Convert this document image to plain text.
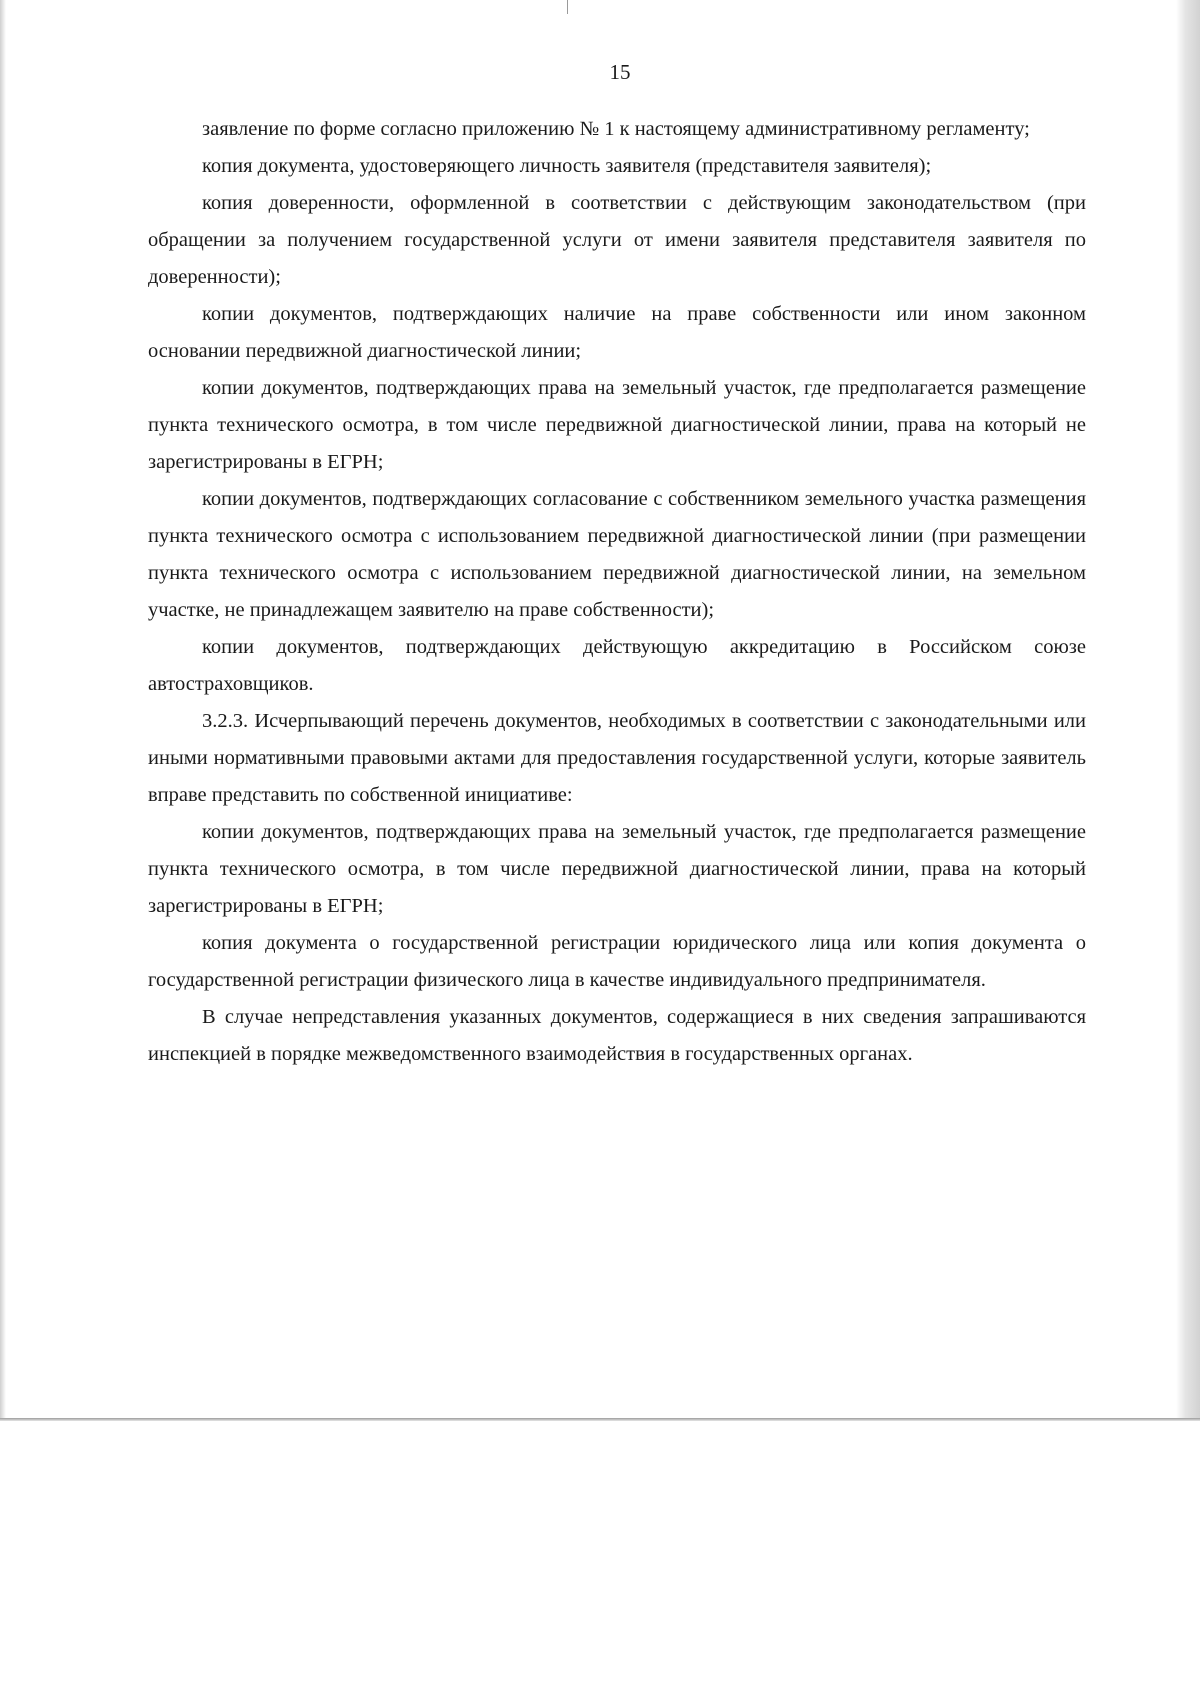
15

заявление по форме согласно приложению № 1 к настоящему административному регламенту;

копия документа, удостоверяющего личность заявителя (представителя заявителя);

копия доверенности, оформленной в соответствии с действующим законодательством (при обращении за получением государственной услуги от имени заявителя представителя заявителя по доверенности);

копии документов, подтверждающих наличие на праве собственности или ином законном основании передвижной диагностической линии;

копии документов, подтверждающих права на земельный участок, где предполагается размещение пункта технического осмотра, в том числе передвижной диагностической линии, права на который не зарегистрированы в ЕГРН;

копии документов, подтверждающих согласование с собственником земельного участка размещения пункта технического осмотра с использованием передвижной диагностической линии (при размещении пункта технического осмотра с использованием передвижной диагностической линии, на земельном участке, не принадлежащем заявителю на праве собственности);

копии документов, подтверждающих действующую аккредитацию в Российском союзе автостраховщиков.

3.2.3. Исчерпывающий перечень документов, необходимых в соответствии с законодательными или иными нормативными правовыми актами для предоставления государственной услуги, которые заявитель вправе представить по собственной инициативе:

копии документов, подтверждающих права на земельный участок, где предполагается размещение пункта технического осмотра, в том числе передвижной диагностической линии, права на который зарегистрированы в ЕГРН;

копия документа о государственной регистрации юридического лица или копия документа о государственной регистрации физического лица в качестве индивидуального предпринимателя.

В случае непредставления указанных документов, содержащиеся в них сведения запрашиваются инспекцией в порядке межведомственного взаимодействия в государственных органах.
